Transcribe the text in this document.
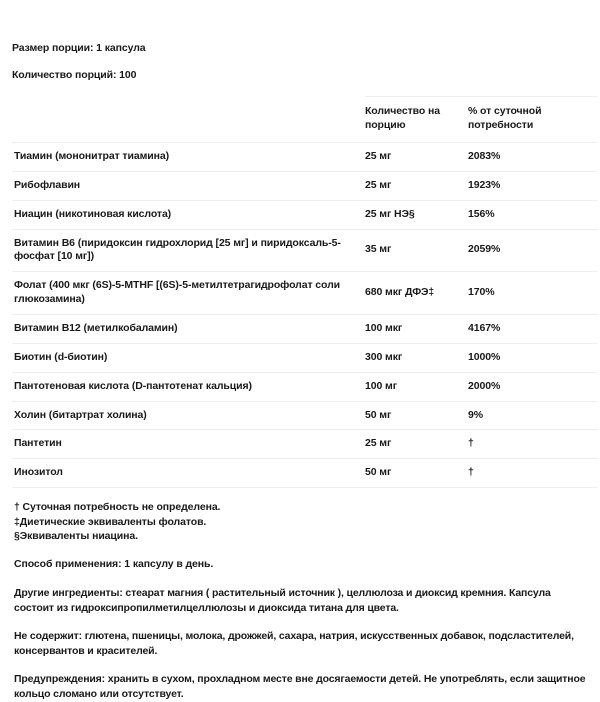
Размер порции: 1 капсула
Количество порций: 100
	Количество на порцию	% от суточной потребности
Тиамин (мононитрат тиамина)	25 мг	2083%
Рибофлавин	25 мг	1923%
Ниацин (никотиновая кислота)	25 мг НЭ§	156%
Витамин B6 (пиридоксин гидрохлорид [25 мг] и пиридоксаль-5-фосфат [10 мг])	35 мг	2059%
Фолат (400 мкг (6S)-5-MTHF [(6S)-5-метилтетрагидрофолат соли глюкозамина)	680 мкг ДФЭ‡	170%
Витамин B12 (метилкобаламин)	100 мкг	4167%
Биотин (d-биотин)	300 мкг	1000%
Пантотеновая кислота (D-пантотенат кальция)	100 мг	2000%
Холин (битартрат холина)	50 мг	9%
Пантетин	25 мг	†
Инозитол	50 мг	†
† Суточная потребность не определена.
‡Диетические эквиваленты фолатов.
§Эквиваленты ниацина.
Способ применения: 1 капсулу в день.
Другие ингредиенты: стеарат магния ( растительный источник ), целлюлоза и диоксид кремния. Капсула состоит из гидроксипропилметилцеллюлозы и диоксида титана для цвета.
Не содержит: глютена, пшеницы, молока, дрожжей, сахара, натрия, искусственных добавок, подсластителей, консервантов и красителей.
Предупреждения: хранить в сухом, прохладном месте вне досягаемости детей. Не употреблять, если защитное кольцо сломано или отсутствует.
